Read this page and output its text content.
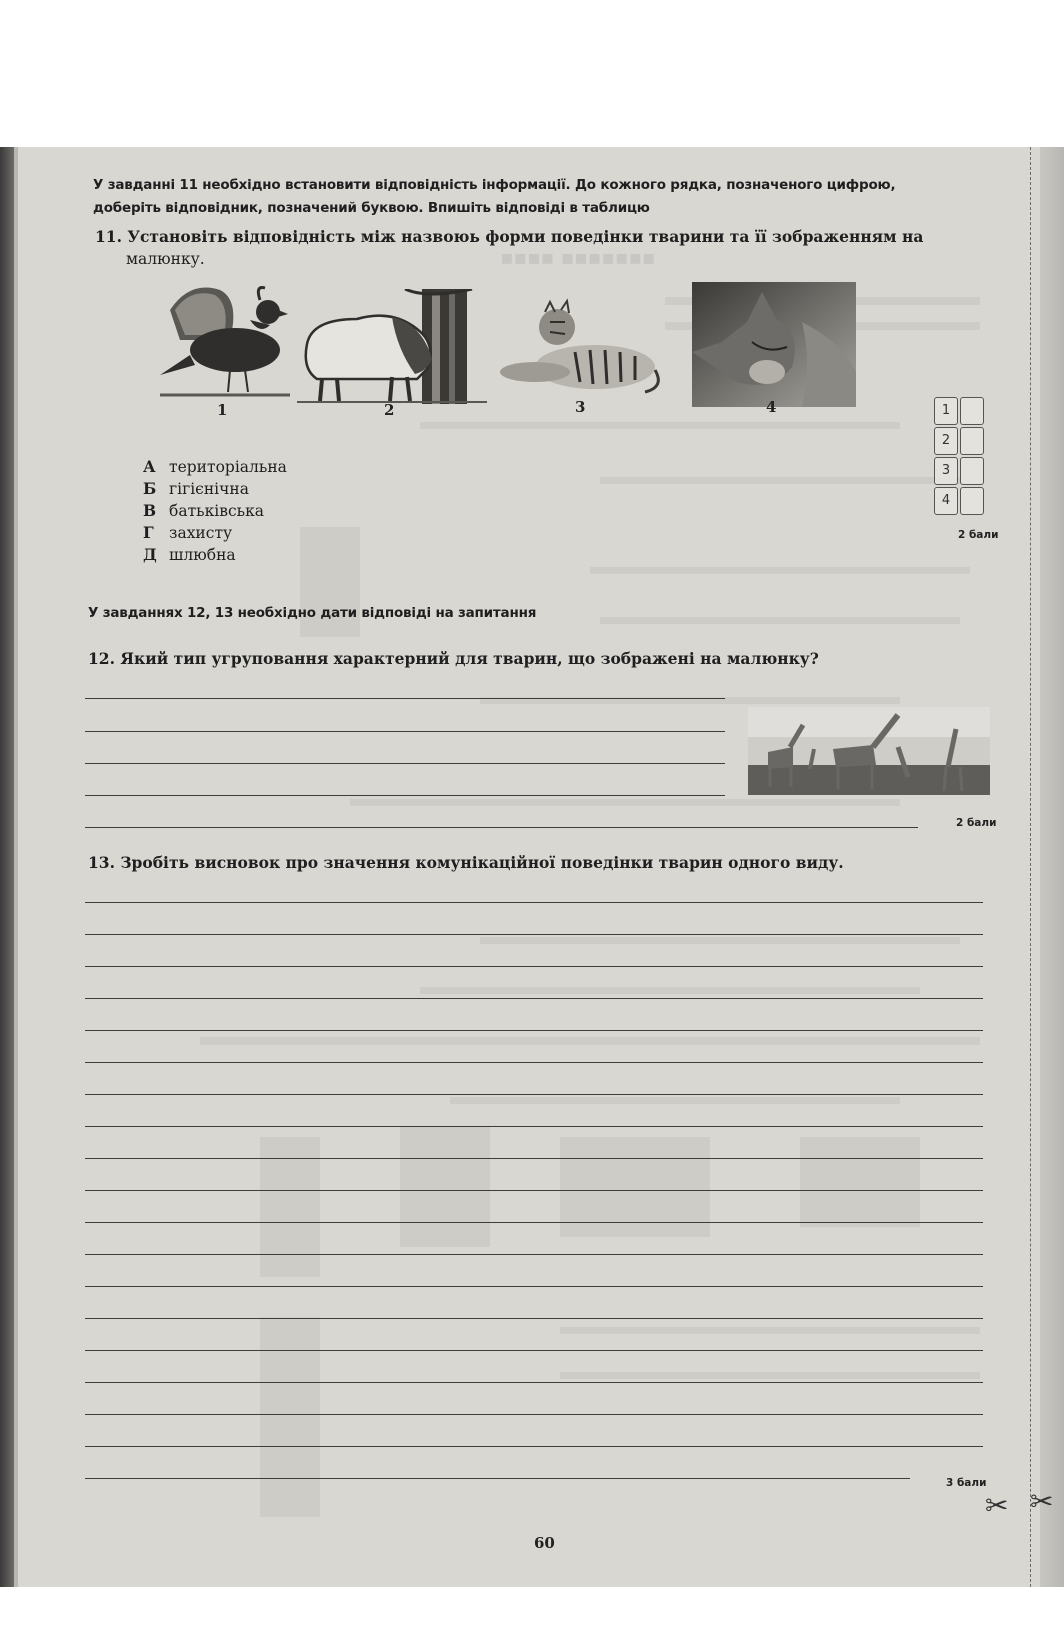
▪▪▪▪ ▪▪▪▪▪▪▪
У завданні 11 необхідно встановити відповідність інформації. До кожного рядка, позначеного цифрою,
доберіть відповідник, позначений буквою. Впишіть відповіді в таблицю
11. Установіть відповідність між назвоюь форми поведінки тварини та її зображенням на
малюнку.
1	2	3	4
А територіальна
Б гігієнічна
В батьківська
Г захисту
Д шлюбна
1
2
3
4
2 бали
У завданнях 12, 13 необхідно дати відповіді на запитання
12. Який тип угруповання характерний для тварин, що зображені на малюнку?
2 бали
13. Зробіть висновок про значення комунікаційної поведінки тварин одного виду.
3 бали
60
✂ ✂
